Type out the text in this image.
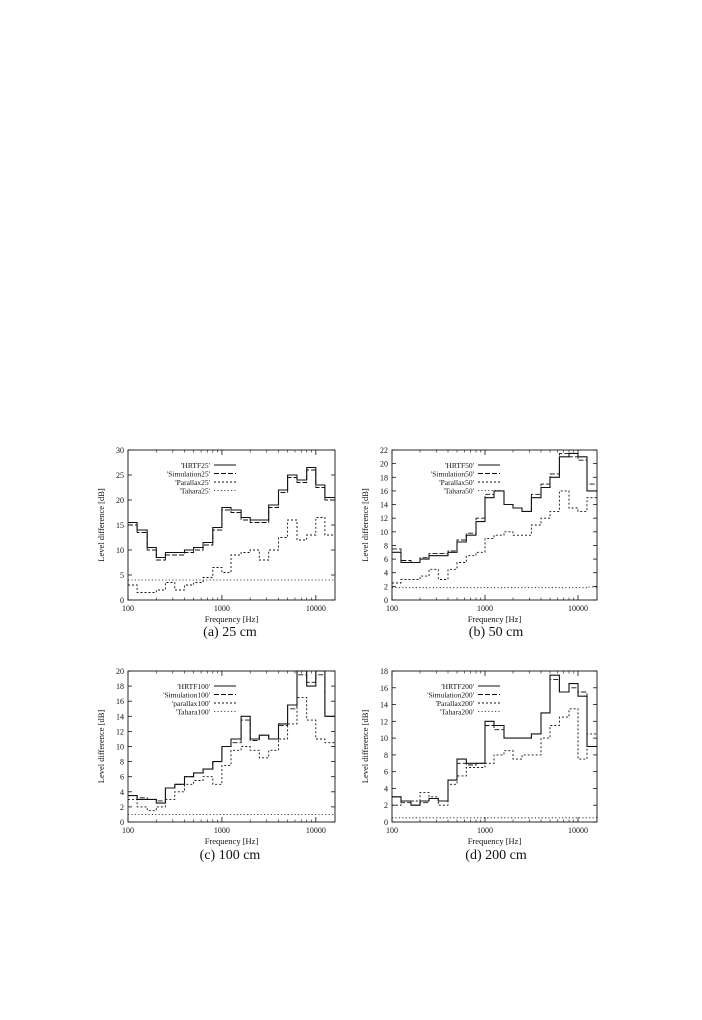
0
5
10
15
20
25
30
100	1000	10000
Frequency [Hz]
Level difference [dB]
'HRTF25'
'Simulation25'
'Parallax25'
'Tahara25'
0
2
4
6
8
10
12
14
16
18
20
22
100	1000	10000
Frequency [Hz]
Level difference [dB]
'HRTF50'
'Simulation50'
'Parallax50'
'Tahara50'
0
2
4
6
8
10
12
14
16
18
20
100	1000	10000
Frequency [Hz]
Level difference [dB]
'HRTF100'
'Simulation100'
'parallax100'
'Tahara100'
0
2
4
6
8
10
12
14
16
18
100	1000	10000
Frequency [Hz]
Level difference [dB]
'HRTF200'
'Simulation200'
'Parallax200'
'Tahara200'
(a) 25 cm	(b) 50 cm
(c) 100 cm	(d) 200 cm
